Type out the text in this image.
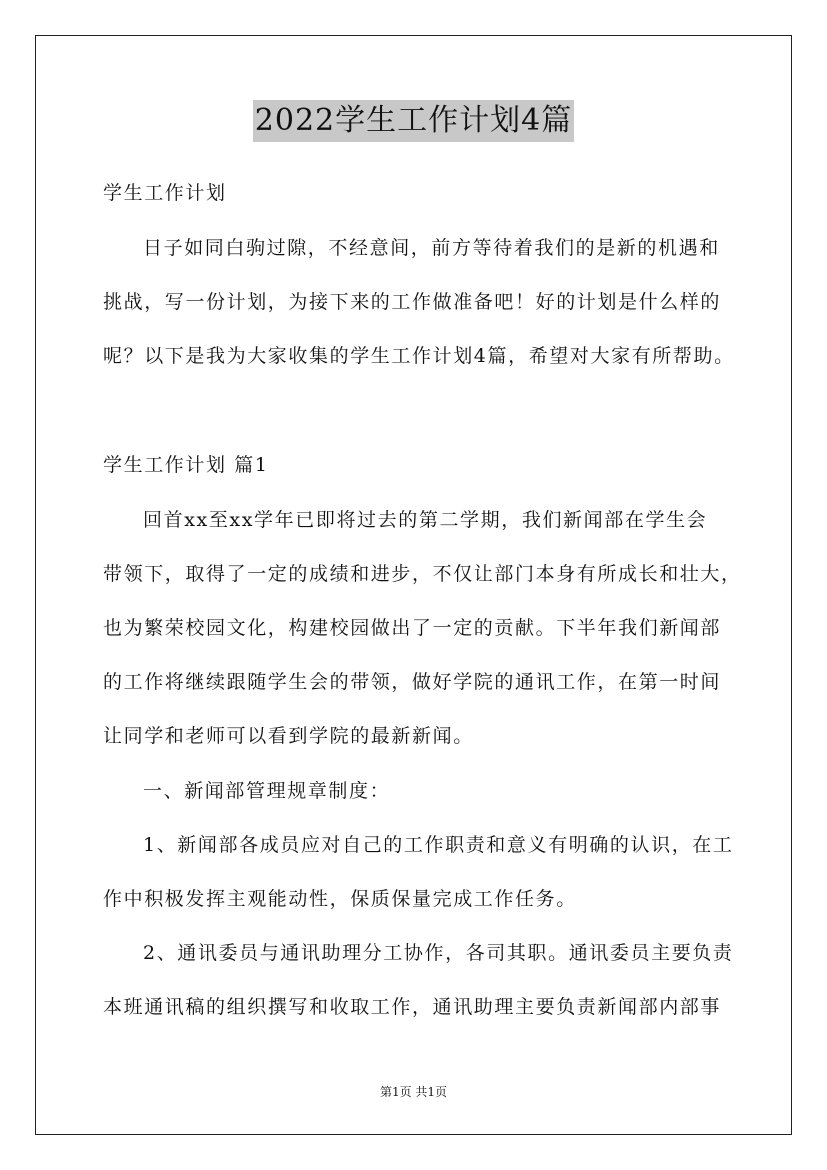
2022学生工作计划4篇
学生工作计划
日子如同白驹过隙，不经意间，前方等待着我们的是新的机遇和
挑战，写一份计划，为接下来的工作做准备吧！好的计划是什么样的
呢？以下是我为大家收集的学生工作计划4篇，希望对大家有所帮助。
学生工作计划 篇1
回首xx至xx学年已即将过去的第二学期，我们新闻部在学生会
带领下，取得了一定的成绩和进步，不仅让部门本身有所成长和壮大，
也为繁荣校园文化，构建校园做出了一定的贡献。下半年我们新闻部
的工作将继续跟随学生会的带领，做好学院的通讯工作，在第一时间
让同学和老师可以看到学院的最新新闻。
一、新闻部管理规章制度：
1、新闻部各成员应对自己的工作职责和意义有明确的认识，在工
作中积极发挥主观能动性，保质保量完成工作任务。
2、通讯委员与通讯助理分工协作，各司其职。通讯委员主要负责
本班通讯稿的组织撰写和收取工作，通讯助理主要负责新闻部内部事
第1页 共1页
